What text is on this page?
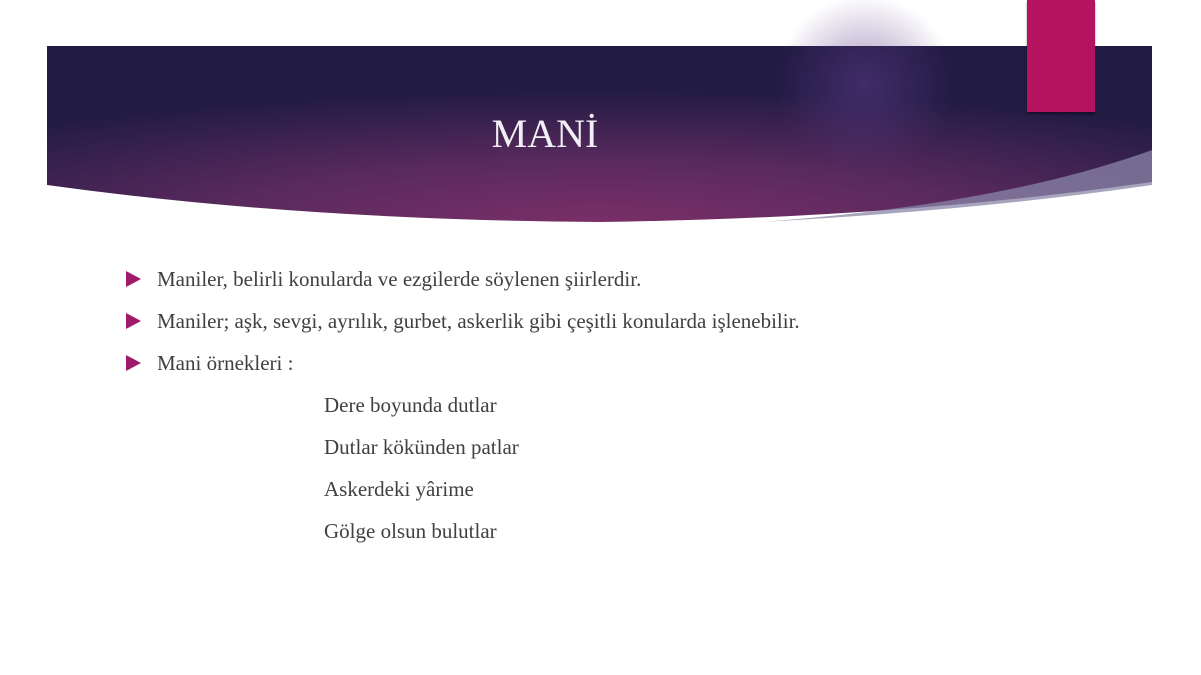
MANİ
Maniler, belirli konularda ve ezgilerde söylenen şiirlerdir.
Maniler; aşk, sevgi, ayrılık, gurbet, askerlik gibi çeşitli konularda işlenebilir.
Mani örnekleri :
Dere boyunda dutlar
Dutlar kökünden patlar
Askerdeki yârime
Gölge olsun bulutlar
